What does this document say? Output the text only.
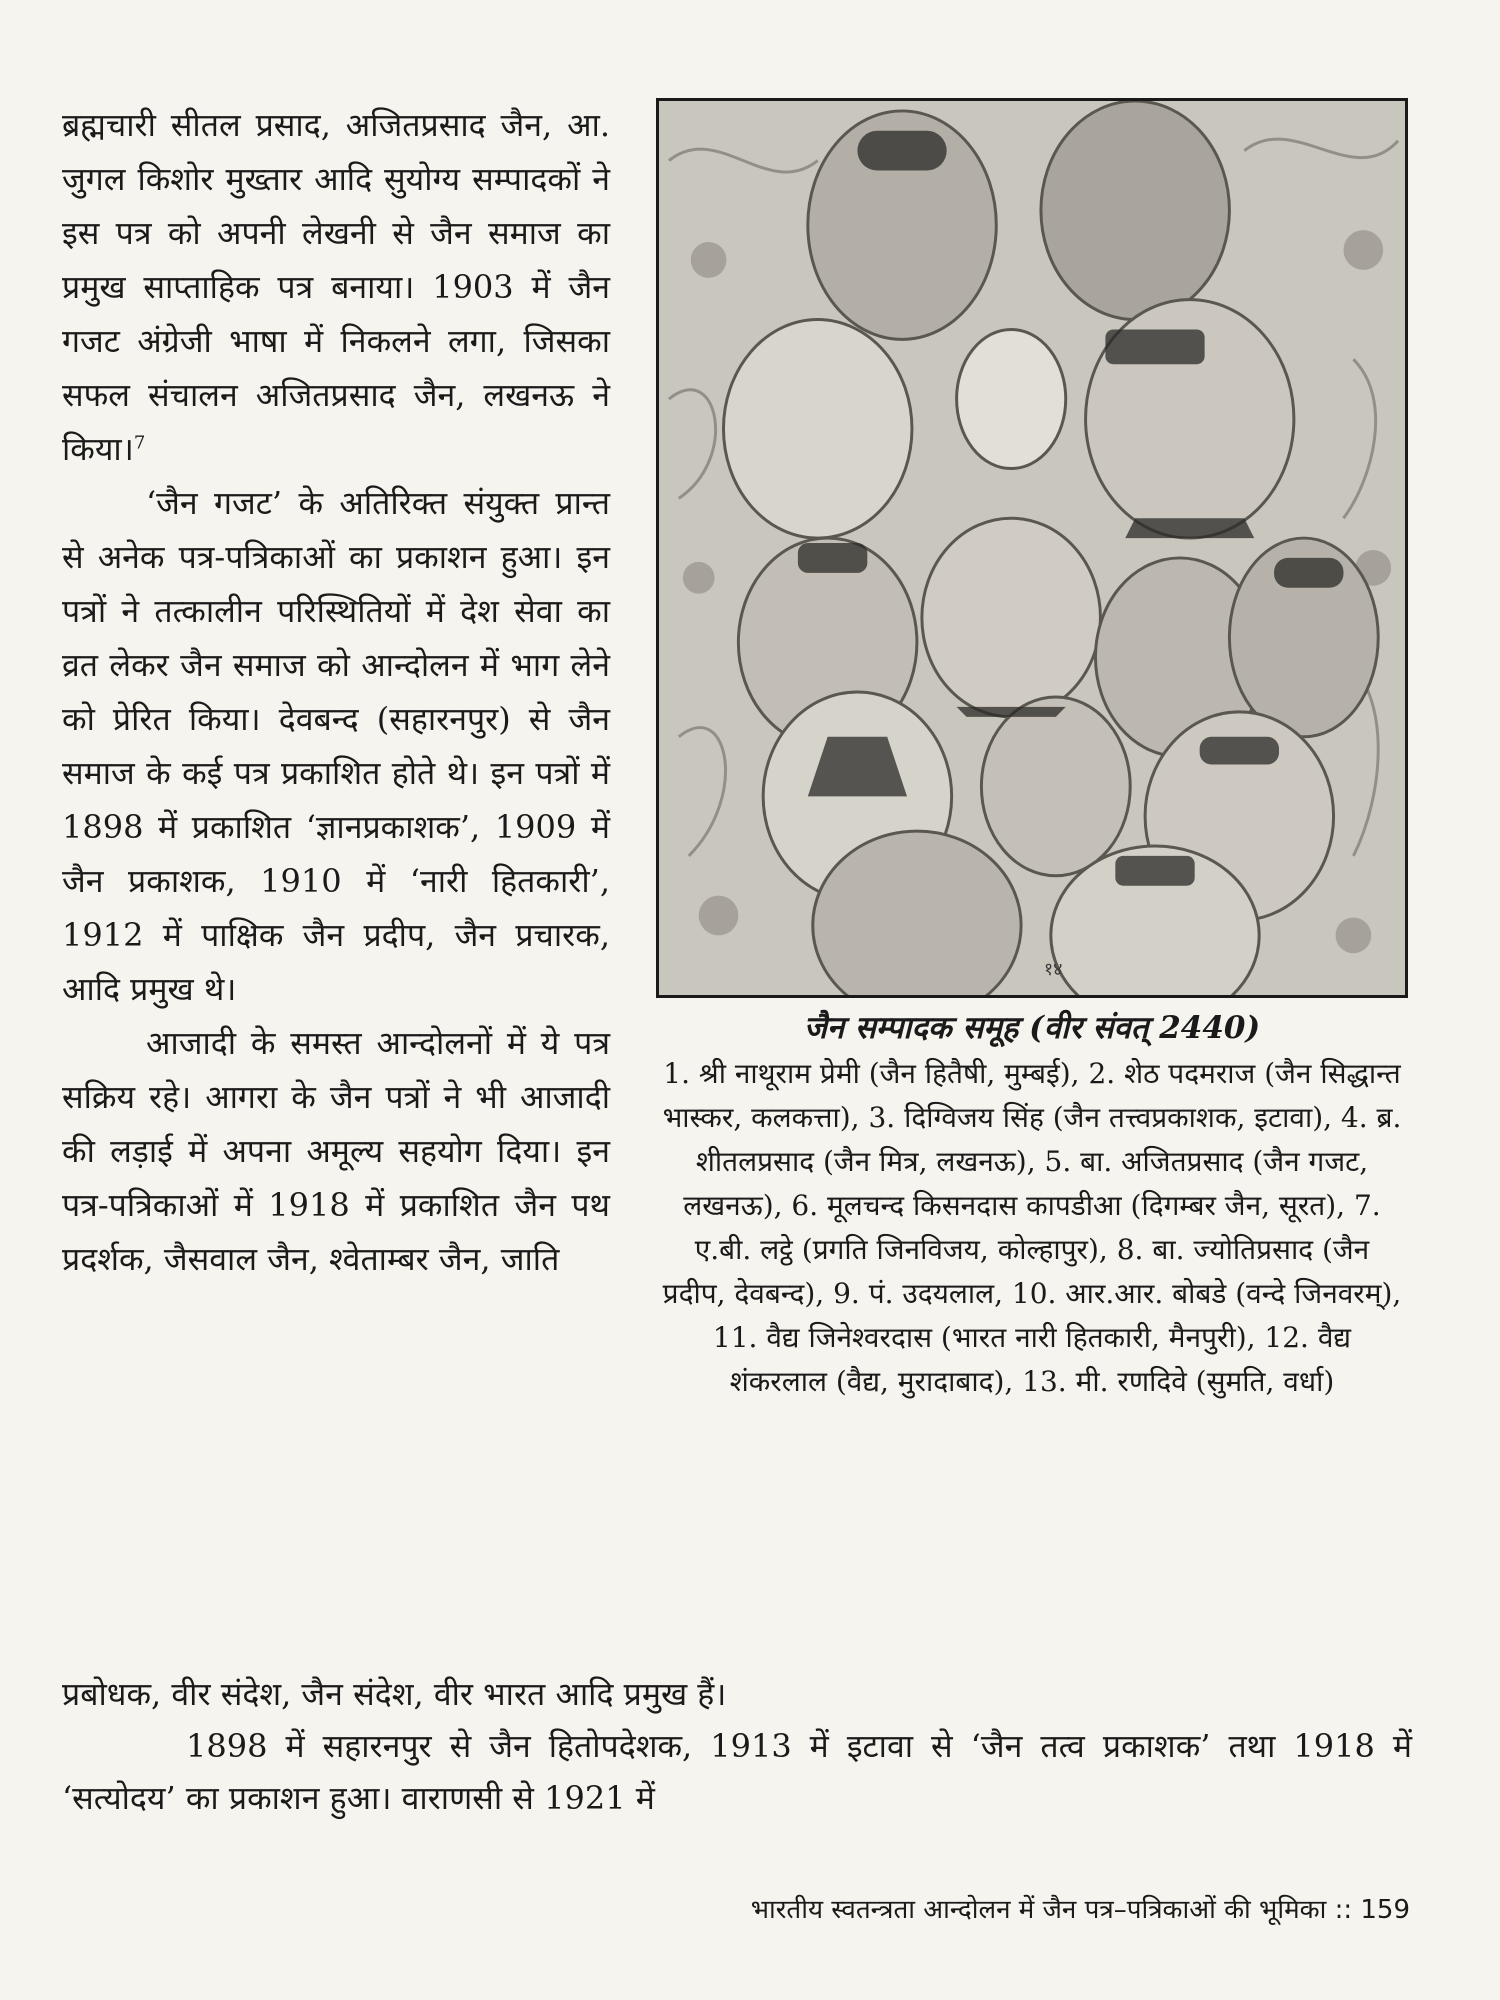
ब्रह्मचारी सीतल प्रसाद, अजितप्रसाद जैन, आ. जुगल किशोर मुख्तार आदि सुयोग्य सम्पादकों ने इस पत्र को अपनी लेखनी से जैन समाज का प्रमुख साप्ताहिक पत्र बनाया। 1903 में जैन गजट अंग्रेजी भाषा में निकलने लगा, जिसका सफल संचालन अजितप्रसाद जैन, लखनऊ ने किया।$^7$

‘जैन गजट’ के अतिरिक्त संयुक्त प्रान्त से अनेक पत्र-पत्रिकाओं का प्रकाशन हुआ। इन पत्रों ने तत्कालीन परिस्थितियों में देश सेवा का व्रत लेकर जैन समाज को आन्दोलन में भाग लेने को प्रेरित किया। देवबन्द (सहारनपुर) से जैन समाज के कई पत्र प्रकाशित होते थे। इन पत्रों में 1898 में प्रकाशित ‘ज्ञानप्रकाशक’, 1909 में जैन प्रकाशक, 1910 में ‘नारी हितकारी’, 1912 में पाक्षिक जैन प्रदीप, जैन प्रचारक, आदि प्रमुख थे।

आजादी के समस्त आन्दोलनों में ये पत्र सक्रिय रहे। आगरा के जैन पत्रों ने भी आजादी की लड़ाई में अपना अमूल्य सहयोग दिया। इन पत्र-पत्रिकाओं में 1918 में प्रकाशित जैन पथ प्रदर्शक, जैसवाल जैन, श्वेताम्बर जैन, जाति

१४

जैन सम्पादक समूह (वीर संवत् 2440)

1. श्री नाथूराम प्रेमी (जैन हितैषी, मुम्बई), 2. शेठ पदमराज (जैन सिद्धान्त भास्कर, कलकत्ता), 3. दिग्विजय सिंह (जैन तत्त्वप्रकाशक, इटावा), 4. ब्र. शीतलप्रसाद (जैन मित्र, लखनऊ), 5. बा. अजितप्रसाद (जैन गजट, लखनऊ), 6. मूलचन्द किसनदास कापडीआ (दिगम्बर जैन, सूरत), 7. ए.बी. लट्ठे (प्रगति जिनविजय, कोल्हापुर), 8. बा. ज्योतिप्रसाद (जैन प्रदीप, देवबन्द), 9. पं. उदयलाल, 10. आर.आर. बोबडे (वन्दे जिनवरम्), 11. वैद्य जिनेश्वरदास (भारत नारी हितकारी, मैनपुरी), 12. वैद्य शंकरलाल (वैद्य, मुरादाबाद), 13. मी. रणदिवे (सुमति, वर्धा)

प्रबोधक, वीर संदेश, जैन संदेश, वीर भारत आदि प्रमुख हैं।

1898 में सहारनपुर से जैन हितोपदेशक, 1913 में इटावा से ‘जैन तत्व प्रकाशक’ तथा 1918 में ‘सत्योदय’ का प्रकाशन हुआ। वाराणसी से 1921 में

भारतीय स्वतन्त्रता आन्दोलन में जैन पत्र–पत्रिकाओं की भूमिका :: 159
